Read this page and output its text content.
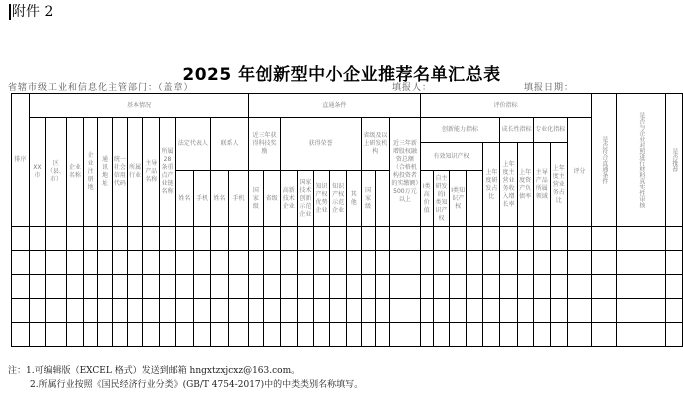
附件 2
2025 年创新型中小企业推荐名单汇总表
省辖市级工业和信息化主管部门：（盖章）	填报人：	填报日期：
排序	基本情况													直通条件										评价指标										是否符合直通条件	是否与企业对照进行材料真实性审核	是否推荐
	XX市	区（县、市）	企业名称	企业注册地	通讯地址	统一社会信用代码	所属行业	主导产品名称	所属28条重点产业链名称	法定代表人		联系人		近三年获得科技奖励		获得荣誉					省级及以上研发机构		近三年新增股权融资总额（合格机构投资者的实缴额）500万元以上	创新能力指标					成长性指标		专业化指标		评分			
																								有效知识产权				上年度研发占比	上年度主营业务收入增长率	上年度资产负债率	主导产品所属领域	上年度主营业务占比				
										姓名	手机	姓名	手机	国家级	省级	高新技术企业	国家技术创新示范企业	知识产权优势企业	知识产权示范企业	其他	国家级			I类高价值	自主研发的I类知识产权	I类知识产权										

注：1.可编辑版（EXCEL 格式）发送到邮箱 hngxtzxjcxz@163.com。
2.所属行业按照《国民经济行业分类》(GB/T 4754-2017)中的中类类别名称填写。
